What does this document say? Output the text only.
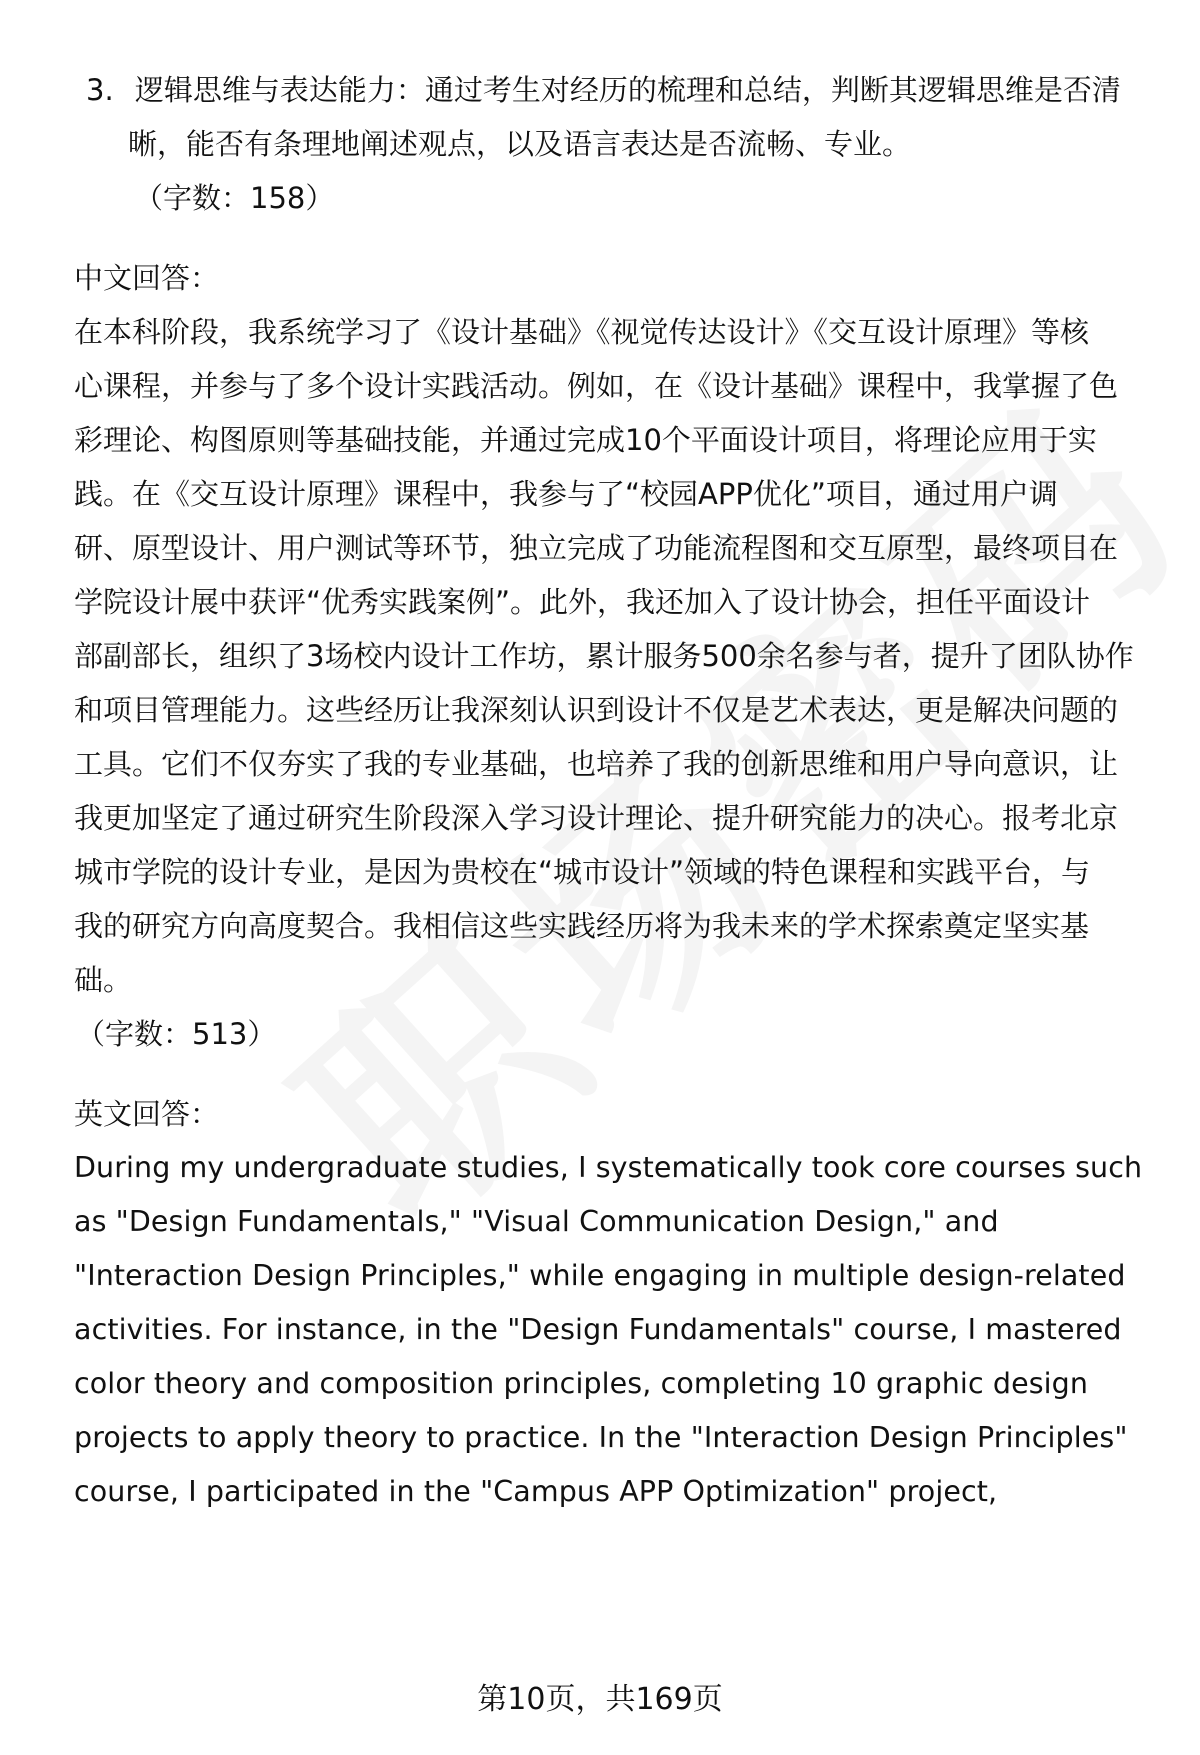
3. 逻辑思维与表达能力：通过考生对经历的梳理和总结，判断其逻辑思维是否清
晰，能否有条理地阐述观点，以及语言表达是否流畅、专业。
（字数：158）
中文回答：
在本科阶段，我系统学习了《设计基础》《视觉传达设计》《交互设计原理》等核
心课程，并参与了多个设计实践活动。例如，在《设计基础》课程中，我掌握了色
彩理论、构图原则等基础技能，并通过完成10个平面设计项目，将理论应用于实
践。在《交互设计原理》课程中，我参与了“校园APP优化”项目，通过用户调
研、原型设计、用户测试等环节，独立完成了功能流程图和交互原型，最终项目在
学院设计展中获评“优秀实践案例”。此外，我还加入了设计协会，担任平面设计
部副部长，组织了3场校内设计工作坊，累计服务500余名参与者，提升了团队协作
和项目管理能力。这些经历让我深刻认识到设计不仅是艺术表达，更是解决问题的
工具。它们不仅夯实了我的专业基础，也培养了我的创新思维和用户导向意识，让
我更加坚定了通过研究生阶段深入学习设计理论、提升研究能力的决心。报考北京
城市学院的设计专业，是因为贵校在“城市设计”领域的特色课程和实践平台，与
我的研究方向高度契合。我相信这些实践经历将为我未来的学术探索奠定坚实基
础。
（字数：513）
英文回答：
During my undergraduate studies, I systematically took core courses such
as "Design Fundamentals," "Visual Communication Design," and
"Interaction Design Principles," while engaging in multiple design-related
activities. For instance, in the "Design Fundamentals" course, I mastered
color theory and composition principles, completing 10 graphic design
projects to apply theory to practice. In the "Interaction Design Principles"
course, I participated in the "Campus APP Optimization" project,
第10页，共169页
